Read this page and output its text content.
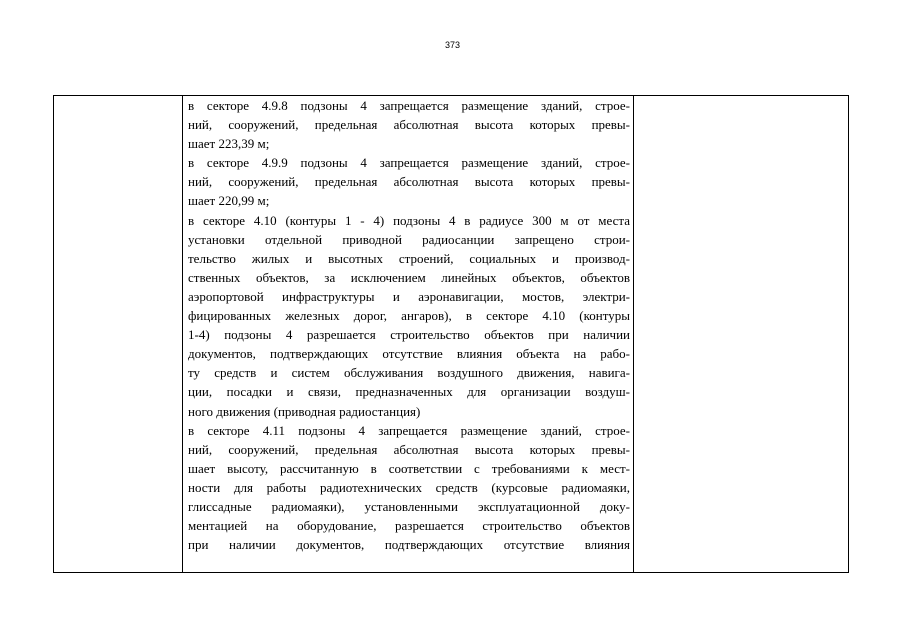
373
в секторе 4.9.8 подзоны 4 запрещается размещение зданий, строе-
ний, сооружений, предельная абсолютная высота которых превы-
шает 223,39 м;
в секторе 4.9.9 подзоны 4 запрещается размещение зданий, строе-
ний, сооружений, предельная абсолютная высота которых превы-
шает 220,99 м;
в секторе 4.10 (контуры 1 - 4) подзоны 4 в радиусе 300 м от места
установки отдельной приводной радиосанции запрещено строи-
тельство жилых и высотных строений, социальных и производ-
ственных объектов, за исключением линейных объектов, объектов
аэропортовой инфраструктуры и аэронавигации, мостов, электри-
фицированных железных дорог, ангаров), в секторе 4.10 (контуры
1-4) подзоны 4 разрешается строительство объектов при наличии
документов, подтверждающих отсутствие влияния объекта на рабо-
ту средств и систем обслуживания воздушного движения, навига-
ции, посадки и связи, предназначенных для организации воздуш-
ного движения (приводная радиостанция)
в секторе 4.11 подзоны 4 запрещается размещение зданий, строе-
ний, сооружений, предельная абсолютная высота которых превы-
шает высоту, рассчитанную в соответствии с требованиями к мест-
ности для работы радиотехнических средств (курсовые радиомаяки,
глиссадные радиомаяки), установленными эксплуатационной доку-
ментацией на оборудование, разрешается строительство объектов
при наличии документов, подтверждающих отсутствие влияния
